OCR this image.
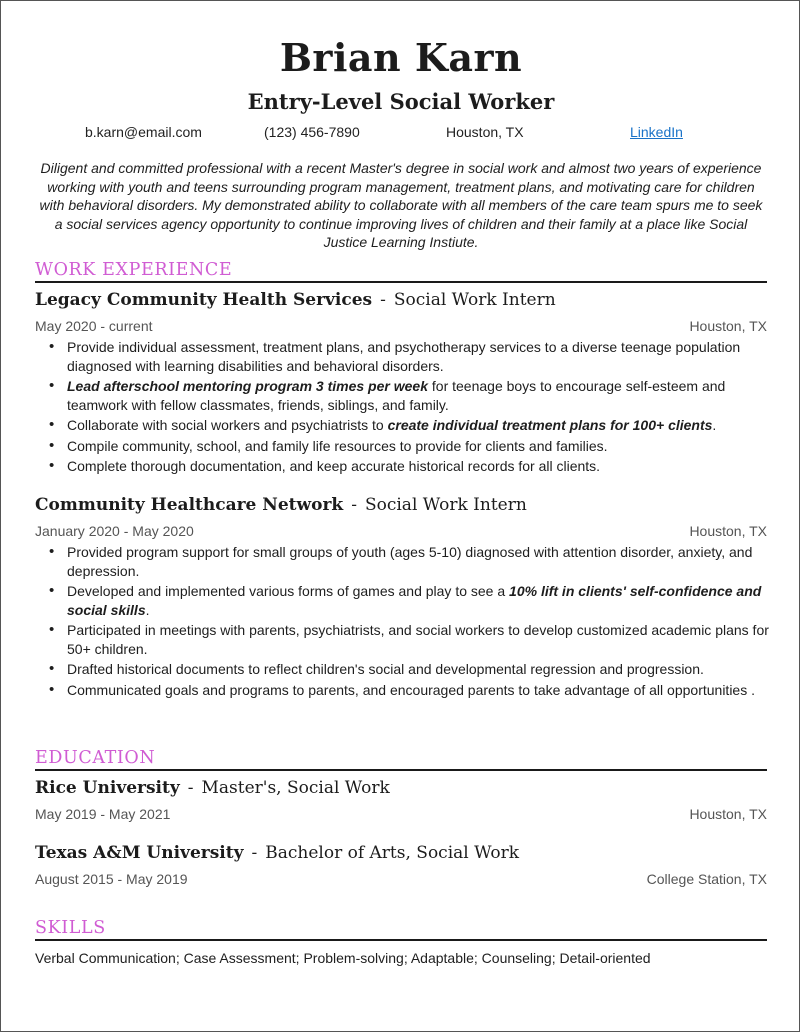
Brian Karn
Entry-Level Social Worker
b.karn@email.com	(123) 456-7890	Houston, TX	LinkedIn
Diligent and committed professional with a recent Master's degree in social work and almost two years of experience working with youth and teens surrounding program management, treatment plans, and motivating care for children with behavioral disorders. My demonstrated ability to collaborate with all members of the care team spurs me to seek a social services agency opportunity to continue improving lives of children and their family at a place like Social Justice Learning Instiute.
WORK EXPERIENCE
Legacy Community Health Services - Social Work Intern
May 2020 - current	Houston, TX
• Provide individual assessment, treatment plans, and psychotherapy services to a diverse teenage population diagnosed with learning disabilities and behavioral disorders.
• Lead afterschool mentoring program 3 times per week for teenage boys to encourage self-esteem and teamwork with fellow classmates, friends, siblings, and family.
• Collaborate with social workers and psychiatrists to create individual treatment plans for 100+ clients.
• Compile community, school, and family life resources to provide for clients and families.
• Complete thorough documentation, and keep accurate historical records for all clients.
Community Healthcare Network - Social Work Intern
January 2020 - May 2020	Houston, TX
• Provided program support for small groups of youth (ages 5-10) diagnosed with attention disorder, anxiety, and depression.
• Developed and implemented various forms of games and play to see a 10% lift in clients' self-confidence and social skills.
• Participated in meetings with parents, psychiatrists, and social workers to develop customized academic plans for 50+ children.
• Drafted historical documents to reflect children's social and developmental regression and progression.
• Communicated goals and programs to parents, and encouraged parents to take advantage of all opportunities .
EDUCATION
Rice University - Master's, Social Work
May 2019 - May 2021	Houston, TX
Texas A&M University - Bachelor of Arts, Social Work
August 2015 - May 2019	College Station, TX
SKILLS
Verbal Communication; Case Assessment; Problem-solving; Adaptable; Counseling; Detail-oriented
